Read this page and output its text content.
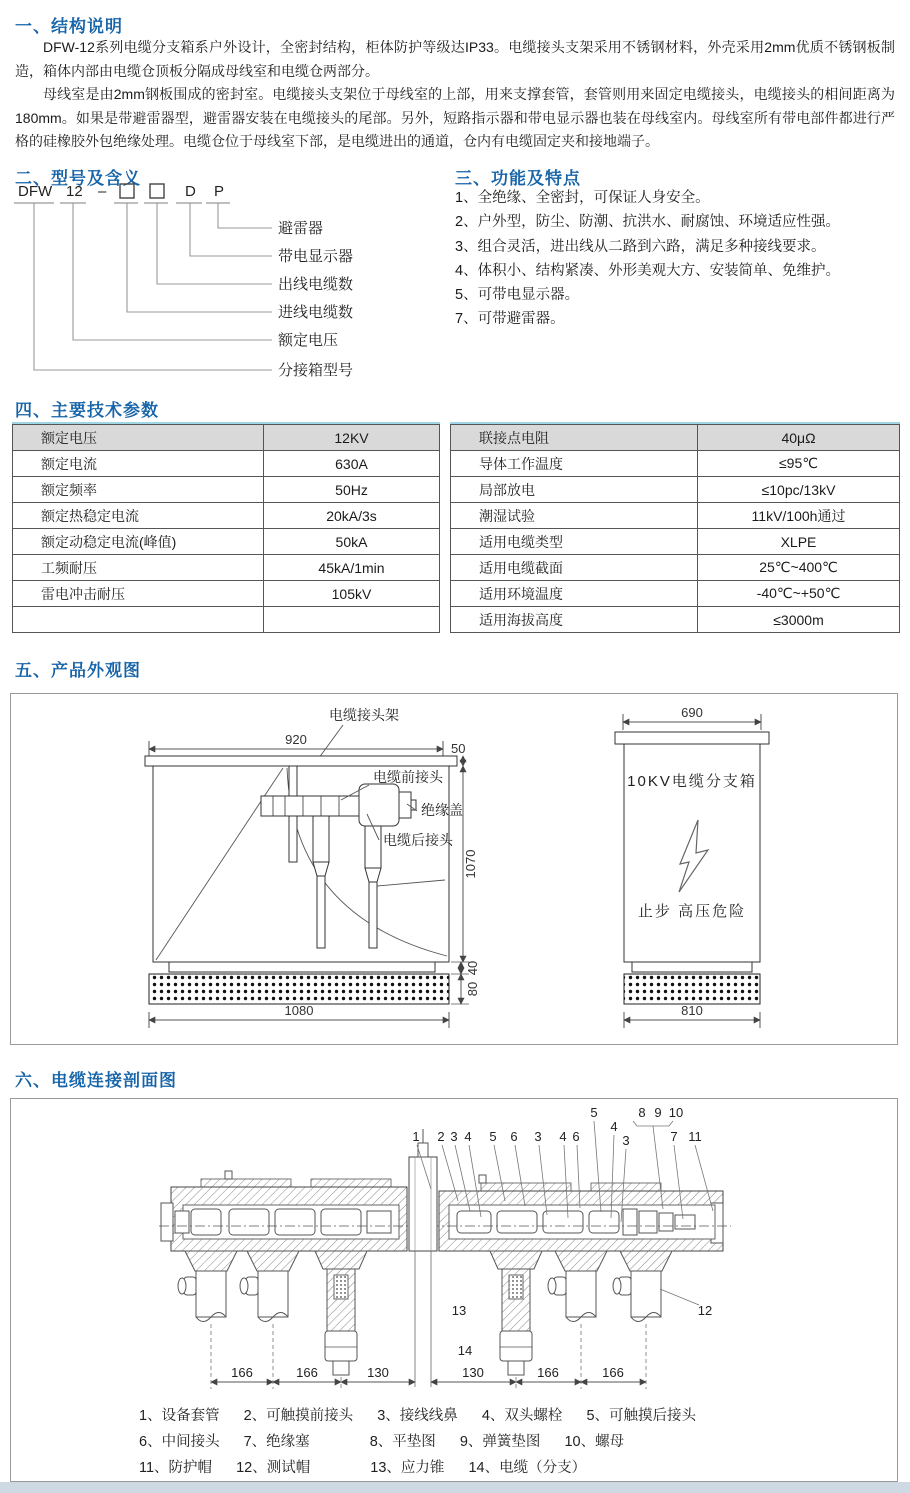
一、结构说明

DFW-12系列电缆分支箱系户外设计，全密封结构，柜体防护等级达IP33。电缆接头支架采用不锈钢材料，外壳采用2mm优质不锈钢板制造，箱体内部由电缆仓顶板分隔成母线室和电缆仓两部分。

母线室是由2mm钢板围成的密封室。电缆接头支架位于母线室的上部，用来支撑套管，套管则用来固定电缆接头，电缆接头的相间距离为180mm。如果是带避雷器型，避雷器安装在电缆接头的尾部。另外，短路指示器和带电显示器也装在母线室内。母线室所有带电部件都进行严格的硅橡胶外包绝缘处理。电缆仓位于母线室下部，是电缆进出的通道，仓内有电缆固定夹和接地端子。

二、型号及含义
DFW 12 –	D P
避雷器
带电显示器
出线电缆数
进线电缆数
额定电压
分接箱型号
三、功能及特点
1、全绝缘、全密封，可保证人身安全。
2、户外型，防尘、防潮、抗洪水、耐腐蚀、环境适应性强。
3、组合灵活，进出线从二路到六路，满足多种接线要求。
4、体积小、结构紧凑、外形美观大方、安装简单、免维护。
5、可带电显示器。
7、可带避雷器。
四、主要技术参数
额定电压	12KV
额定电流	630A
额定频率	50Hz
额定热稳定电流	20kA/3s
额定动稳定电流(峰值)	50kA
工频耐压	45kA/1min
雷电冲击耐压	105kV

联接点电阻	40μΩ
导体工作温度	≤95℃
局部放电	≤10pc/13kV
潮湿试验	11kV/100h通过
适用电缆类型	XLPE
适用电缆截面	25℃~400℃
适用环境温度	-40℃~+50℃
适用海拔高度	≤3000m
五、产品外观图
920
50
电缆接头架
电缆前接头
绝缘盖
电缆后接头
1070
40
80
1080
690
10KV电缆分支箱
止步 高压危险
810
六、电缆连接剖面图
1 2 3 4 5 6 3 4 6
5
4
3
8 9 10
7 11
12
13
14
166	166	130	130	166	166
1、设备套管 2、可触摸前接头 3、接线线鼻 4、双头螺栓 5、可触摸后接头
6、中间接头 7、绝缘塞	8、平垫图 9、弹簧垫图 10、螺母
11、防护帽 12、测试帽	13、应力锥 14、电缆（分支）
